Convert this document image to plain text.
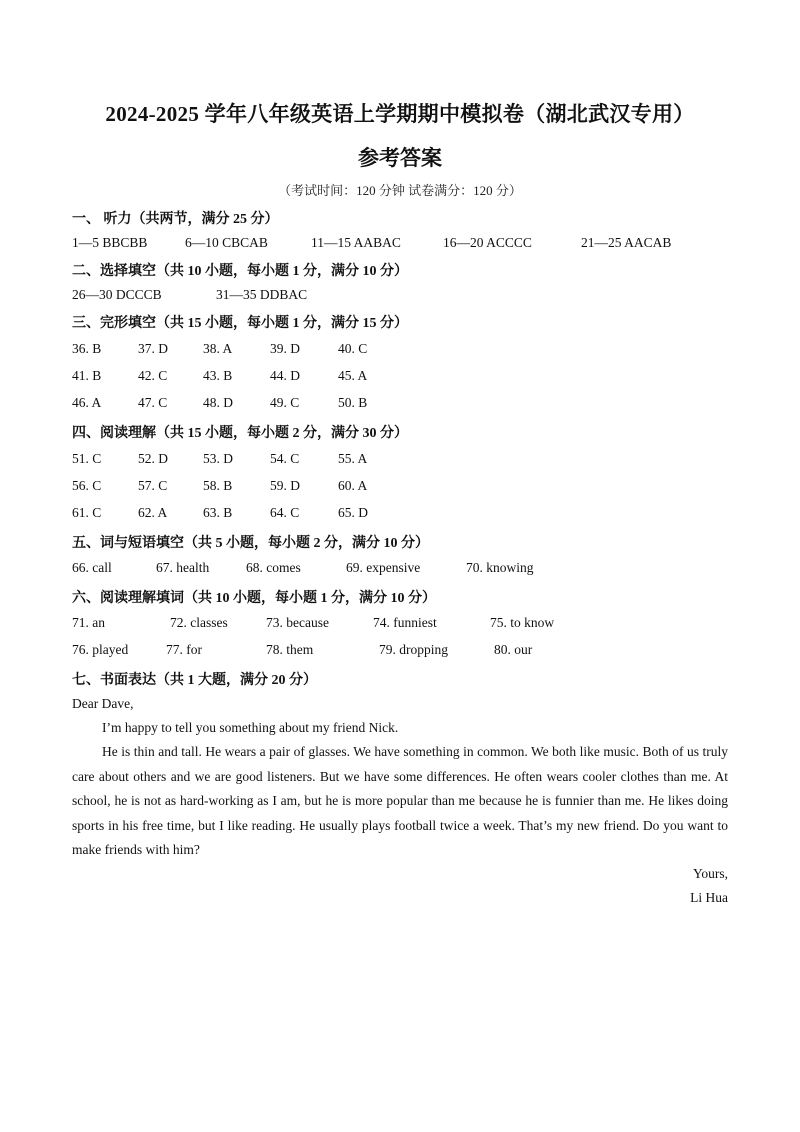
2024-2025 学年八年级英语上学期期中模拟卷（湖北武汉专用）
参考答案
（考试时间：120 分钟 试卷满分：120 分）
一、 听力（共两节，满分 25 分）
1—5 BBCBB	6—10 CBCAB	11—15 AABAC	16—20 ACCCC	21—25 AACAB
二、选择填空（共 10 小题，每小题 1 分，满分 10 分）
26—30 DCCCB	31—35 DDBAC
三、完形填空（共 15 小题，每小题 1 分，满分 15 分）
36. B	37. D	38. A	39. D	40. C
41. B	42. C	43. B	44. D	45. A
46. A	47. C	48. D	49. C	50. B
四、阅读理解（共 15 小题，每小题 2 分，满分 30 分）
51. C	52. D	53. D	54. C	55. A
56. C	57. C	58. B	59. D	60. A
61. C	62. A	63. B	64. C	65. D
五、词与短语填空（共 5 小题，每小题 2 分，满分 10 分）
66. call	67. health	68. comes	69. expensive	70. knowing
六、阅读理解填词（共 10 小题，每小题 1 分，满分 10 分）
71. an	72. classes	73. because	74. funniest	75. to know
76. played	77. for	78. them	79. dropping	80. our
七、书面表达（共 1 大题，满分 20 分）
Dear Dave,
I’m happy to tell you something about my friend Nick.
He is thin and tall. He wears a pair of glasses. We have something in common. We both like music. Both of us truly care about others and we are good listeners. But we have some differences. He often wears cooler clothes than me. At school, he is not as hard-working as I am, but he is more popular than me because he is funnier than me. He likes doing sports in his free time, but I like reading. He usually plays football twice a week. That’s my new friend. Do you want to make friends with him?
Yours,
Li Hua
